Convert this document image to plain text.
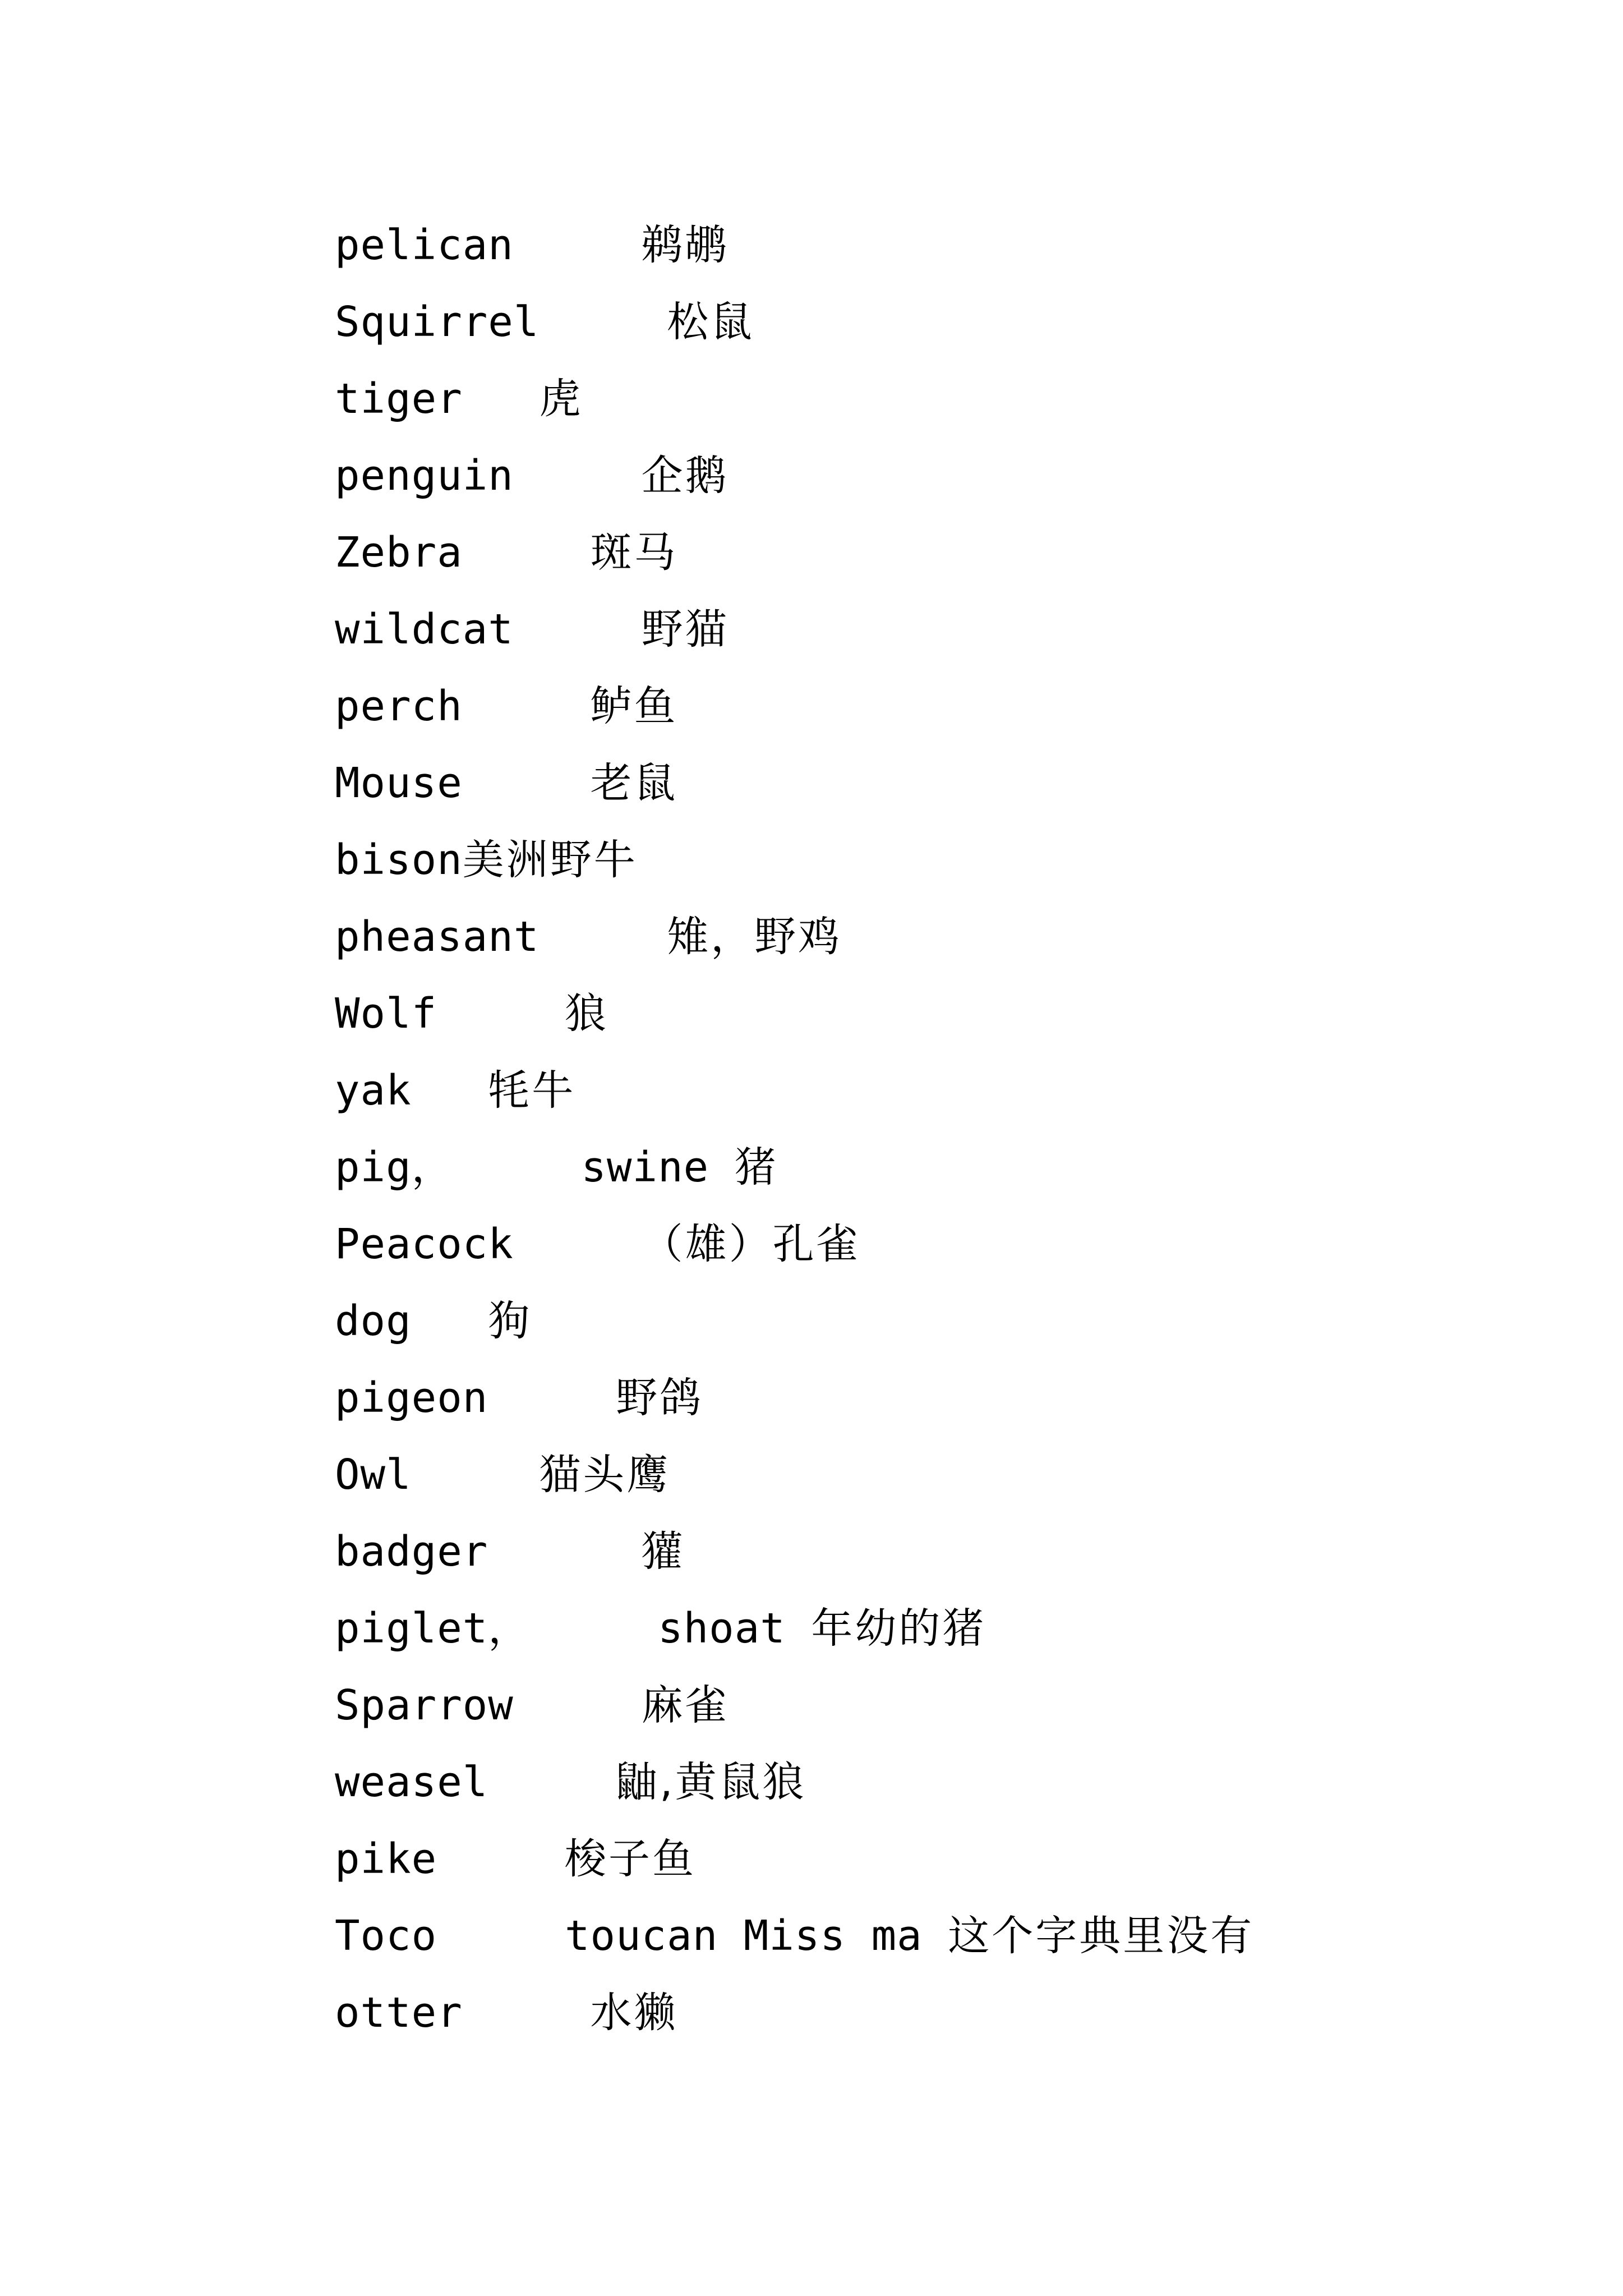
pelican	鹈鹕
Squirrel	松鼠
tiger 虎
penguin	企鹅
Zebra	斑马
wildcat	野猫
perch	鲈鱼
Mouse	老鼠
bison美洲野牛
pheasant	雉，野鸡
Wolf	狼
yak 牦牛
pig，     swine 猪
Peacock	（雄）孔雀
dog 狗
pigeon	野鸽
Owl	猫头鹰
badger	獾
piglet，     shoat 年幼的猪
Sparrow	麻雀
weasel	鼬,黄鼠狼
pike	梭子鱼
Toco     toucan Miss ma 这个字典里没有
otter	水獭
